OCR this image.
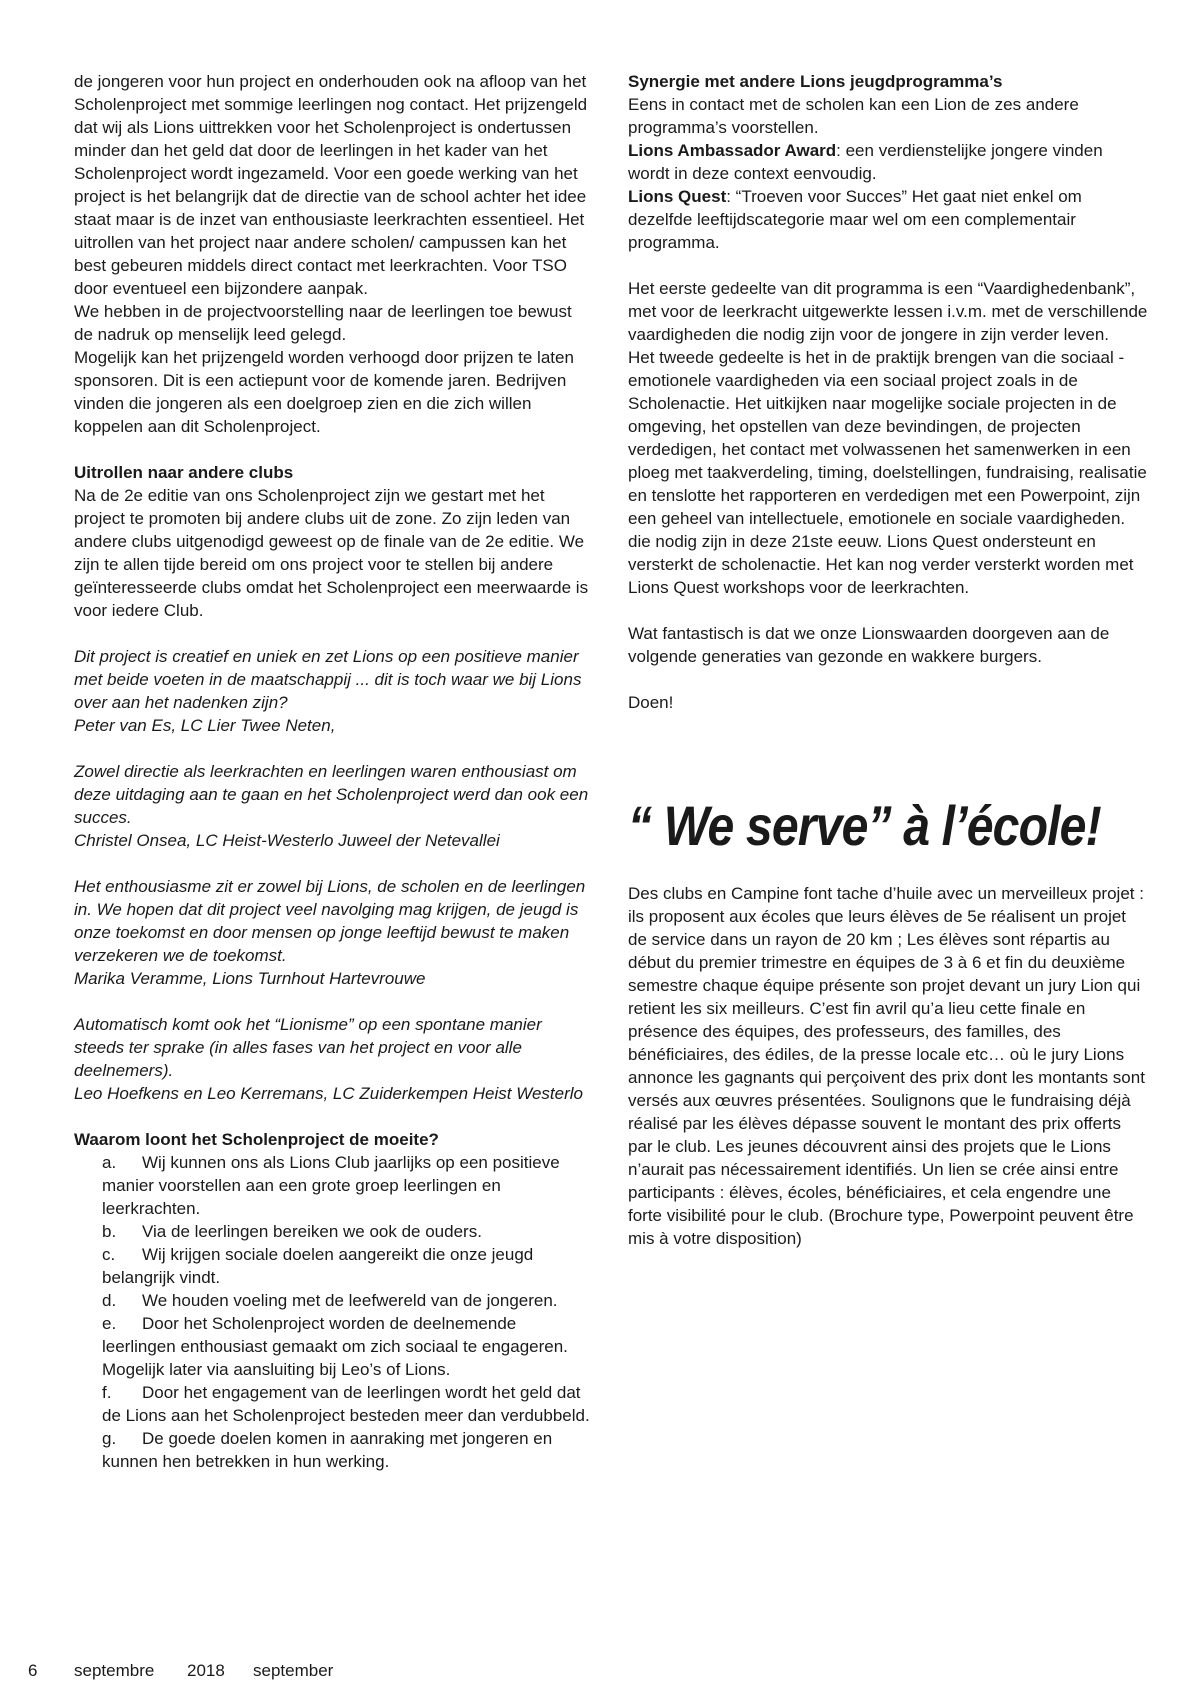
de jongeren voor hun project en onderhouden ook na afloop van het Scholenproject met sommige leerlingen nog contact. Het prijzengeld dat wij als Lions uittrekken voor het Scholenproject is ondertussen minder dan het geld dat door de leerlingen in het kader van het Scholenproject wordt ingezameld. Voor een goede werking van het project is het belangrijk dat de directie van de school achter het idee staat maar is de inzet van enthousiaste leerkrachten essentieel. Het uitrollen van het project naar andere scholen/ campussen kan het best gebeuren middels direct contact met leerkrachten. Voor TSO door eventueel een bijzondere aanpak.

We hebben in de projectvoorstelling naar de leerlingen toe bewust de nadruk op menselijk leed gelegd.

Mogelijk kan het prijzengeld worden verhoogd door prijzen te laten sponsoren. Dit is een actiepunt voor de komende jaren. Bedrijven vinden die jongeren als een doelgroep zien en die zich willen koppelen aan dit Scholenproject.

Uitrollen naar andere clubs

Na de 2e editie van ons Scholenproject zijn we gestart met het project te promoten bij andere clubs uit de zone. Zo zijn leden van andere clubs uitgenodigd geweest op de finale van de 2e editie. We zijn te allen tijde bereid om ons project voor te stellen bij andere geïnteresseerde clubs omdat het Scholenproject een meerwaarde is voor iedere Club.

Dit project is creatief en uniek en zet Lions op een positieve manier met beide voeten in de maatschappij ... dit is toch waar we bij Lions over aan het nadenken zijn?

Peter van Es, LC Lier Twee Neten,

Zowel directie als leerkrachten en leerlingen waren enthousiast om deze uitdaging aan te gaan en het Scholenproject werd dan ook een succes.

Christel Onsea, LC Heist-Westerlo Juweel der Netevallei

Het enthousiasme zit er zowel bij Lions, de scholen en de leerlingen in. We hopen dat dit project veel navolging mag krijgen, de jeugd is onze toekomst en door mensen op jonge leeftijd bewust te maken verzekeren we de toekomst.

Marika Veramme, Lions Turnhout Hartevrouwe

Automatisch komt ook het “Lionisme” op een spontane manier steeds ter sprake (in alles fases van het project en voor alle deelnemers).

Leo Hoefkens en Leo Kerremans, LC Zuiderkempen Heist Westerlo

Waarom loont het Scholenproject de moeite?

a. Wij kunnen ons als Lions Club jaarlijks op een positieve manier voorstellen aan een grote groep leerlingen en leerkrachten.

b. Via de leerlingen bereiken we ook de ouders.

c. Wij krijgen sociale doelen aangereikt die onze jeugd belangrijk vindt.

d. We houden voeling met de leefwereld van de jongeren.

e. Door het Scholenproject worden de deelnemende leerlingen enthousiast gemaakt om zich sociaal te engageren. Mogelijk later via aansluiting bij Leo’s of Lions.

f. Door het engagement van de leerlingen wordt het geld dat de Lions aan het Scholenproject besteden meer dan verdubbeld.

g. De goede doelen komen in aanraking met jongeren en kunnen hen betrekken in hun werking.

Synergie met andere Lions jeugdprogramma’s

Eens in contact met de scholen kan een Lion de zes andere programma’s voorstellen.

Lions Ambassador Award: een verdienstelijke jongere vinden wordt in deze context eenvoudig.

Lions Quest: “Troeven voor Succes” Het gaat niet enkel om dezelfde leeftijdscategorie maar wel om een complementair programma.

Het eerste gedeelte van dit programma is een “Vaardighedenbank”, met voor de leerkracht uitgewerkte lessen i.v.m. met de verschillende vaardigheden die nodig zijn voor de jongere in zijn verder leven.

Het tweede gedeelte is het in de praktijk brengen van die sociaal - emotionele vaardigheden via een sociaal project zoals in de Scholenactie. Het uitkijken naar mogelijke sociale projecten in de omgeving, het opstellen van deze bevindingen, de projecten verdedigen, het contact met volwassenen het samenwerken in een ploeg met taakverdeling, timing, doelstellingen, fundraising, realisatie en tenslotte het rapporteren en verdedigen met een Powerpoint, zijn een geheel van intellectuele, emotionele en sociale vaardigheden. die nodig zijn in deze 21ste eeuw. Lions Quest ondersteunt en versterkt de scholenactie. Het kan nog verder versterkt worden met Lions Quest workshops voor de leerkrachten.

Wat fantastisch is dat we onze Lionswaarden doorgeven aan de volgende generaties van gezonde en wakkere burgers.

Doen!

“ We serve” à l’école!

Des clubs en Campine font tache d’huile avec un merveilleux projet : ils proposent aux écoles que leurs élèves de 5e réalisent un projet de service dans un rayon de 20 km ; Les élèves sont répartis au début du premier trimestre en équipes de 3 à 6 et fin du deuxième semestre chaque équipe présente son projet devant un jury Lion qui retient les six meilleurs. C’est fin avril qu’a lieu cette finale en présence des équipes, des professeurs, des familles, des bénéficiaires, des édiles, de la presse locale etc… où le jury Lions annonce les gagnants qui perçoivent des prix dont les montants sont versés aux œuvres présentées. Soulignons que le fundraising déjà réalisé par les élèves dépasse souvent le montant des prix offerts par le club. Les jeunes découvrent ainsi des projets que le Lions n’aurait pas nécessairement identifiés. Un lien se crée ainsi entre participants : élèves, écoles, bénéficiaires, et cela engendre une forte visibilité pour le club. (Brochure type, Powerpoint peuvent être mis à votre disposition)

6 septembre 2018 september
